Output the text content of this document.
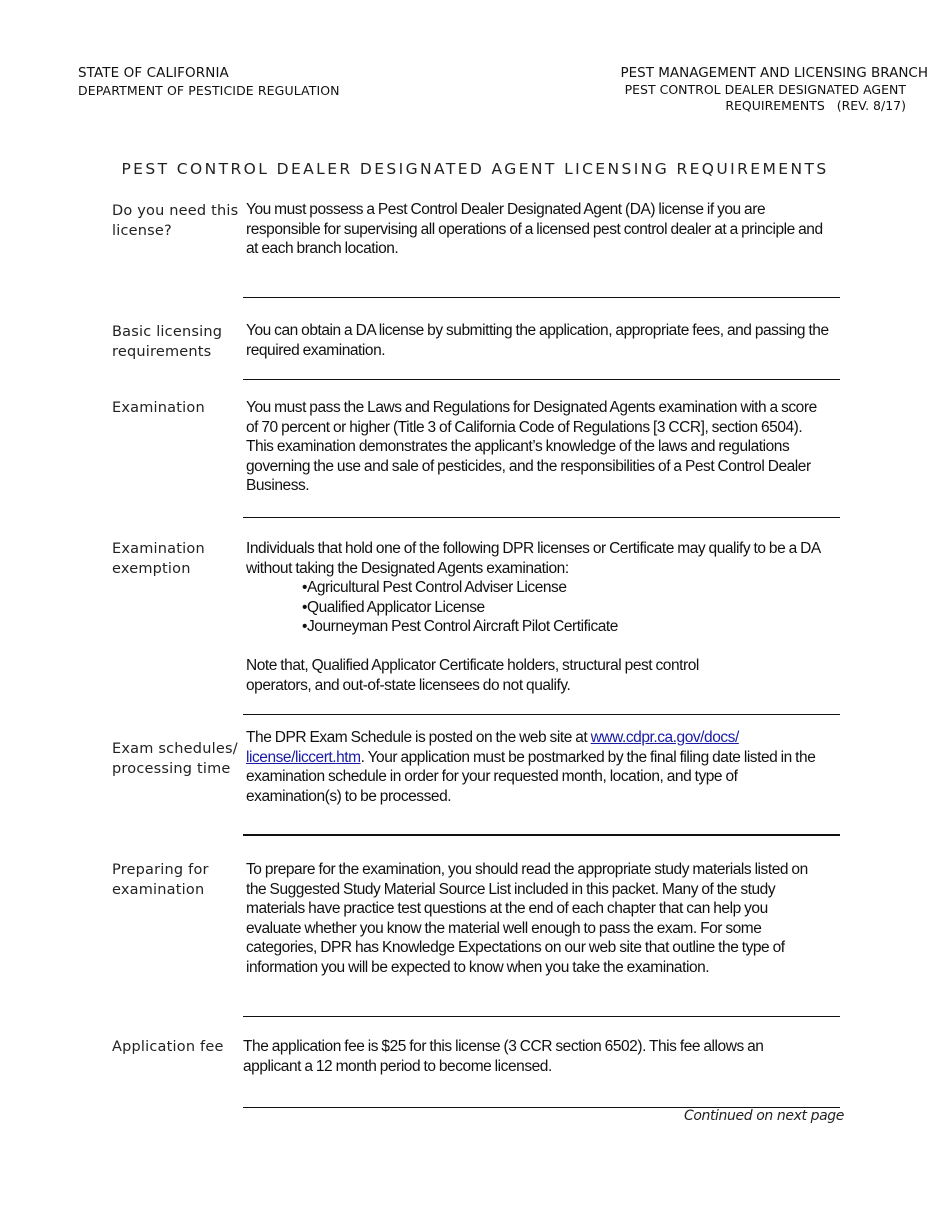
STATE OF CALIFORNIA
DEPARTMENT OF PESTICIDE REGULATION
PEST MANAGEMENT AND LICENSING BRANCH
PEST CONTROL DEALER DESIGNATED AGENT
REQUIREMENTS   (REV. 8/17)
PEST CONTROL DEALER DESIGNATED AGENT LICENSING REQUIREMENTS
Do you need this license?
You must possess a Pest Control Dealer Designated Agent (DA) license if you are responsible for supervising all operations of a licensed pest control dealer at a principle and at each branch location.
Basic licensing requirements
You can obtain a DA license by submitting the application, appropriate fees, and passing the required examination.
Examination	You must pass the Laws and Regulations for Designated Agents examination with a score of 70 percent or higher (Title 3 of California Code of Regulations [3 CCR], section 6504). This examination demonstrates the applicant’s knowledge of the laws and regulations governing the use and sale of pesticides, and the responsibilities of a Pest Control Dealer Business.
Examination exemption
Individuals that hold one of the following DPR licenses or Certificate may qualify to be a DA without taking the Designated Agents examination:
• Agricultural Pest Control Adviser License
• Qualified Applicator License
• Journeyman Pest Control Aircraft Pilot Certificate
Note that, Qualified Applicator Certificate holders, structural pest control operators, and out-of-state licensees do not qualify.
Exam schedules/ processing time
The DPR Exam Schedule is posted on the web site at www.cdpr.ca.gov/docs/ license/liccert.htm. Your application must be postmarked by the final filing date listed in the examination schedule in order for your requested month, location, and type of examination(s) to be processed.
Preparing for examination
To prepare for the examination, you should read the appropriate study materials listed on the Suggested Study Material Source List included in this packet. Many of the study materials have practice test questions at the end of each chapter that can help you evaluate whether you know the material well enough to pass the exam. For some categories, DPR has Knowledge Expectations on our web site that outline the type of information you will be expected to know when you take the examination.
Application fee	The application fee is $25 for this license (3 CCR section 6502). This fee allows an applicant a 12 month period to become licensed.
Continued on next page
